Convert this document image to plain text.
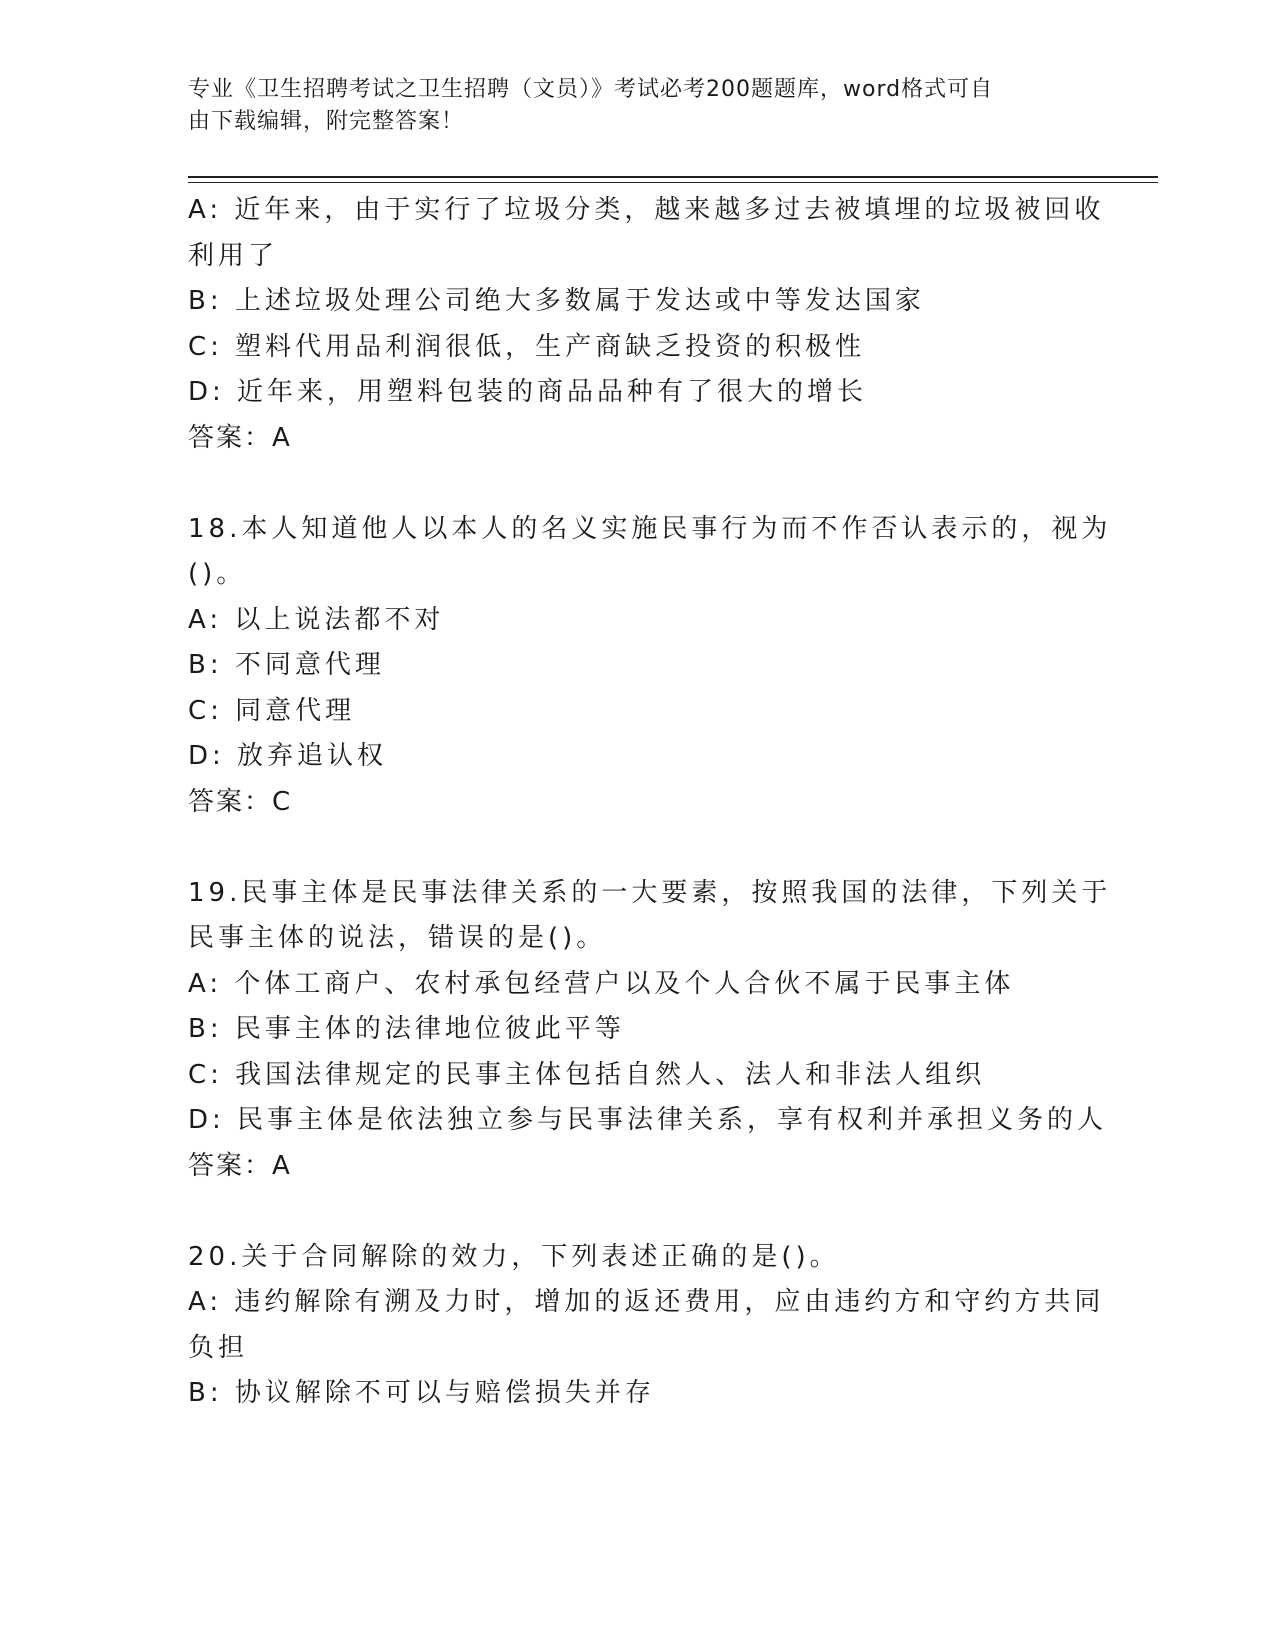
专业《卫生招聘考试之卫生招聘（文员）》考试必考200题题库，word格式可自
由下载编辑，附完整答案！
A: 近年来，由于实行了垃圾分类，越来越多过去被填埋的垃圾被回收
利用了
B: 上述垃圾处理公司绝大多数属于发达或中等发达国家
C: 塑料代用品利润很低，生产商缺乏投资的积极性
D: 近年来，用塑料包装的商品品种有了很大的增长
答案：A
18.本人知道他人以本人的名义实施民事行为而不作否认表示的，视为
()。
A: 以上说法都不对
B: 不同意代理
C: 同意代理
D: 放弃追认权
答案：C
19.民事主体是民事法律关系的一大要素，按照我国的法律，下列关于
民事主体的说法，错误的是()。
A: 个体工商户、农村承包经营户以及个人合伙不属于民事主体
B: 民事主体的法律地位彼此平等
C: 我国法律规定的民事主体包括自然人、法人和非法人组织
D: 民事主体是依法独立参与民事法律关系，享有权利并承担义务的人
答案：A
20.关于合同解除的效力，下列表述正确的是()。
A: 违约解除有溯及力时，增加的返还费用，应由违约方和守约方共同
负担
B: 协议解除不可以与赔偿损失并存
